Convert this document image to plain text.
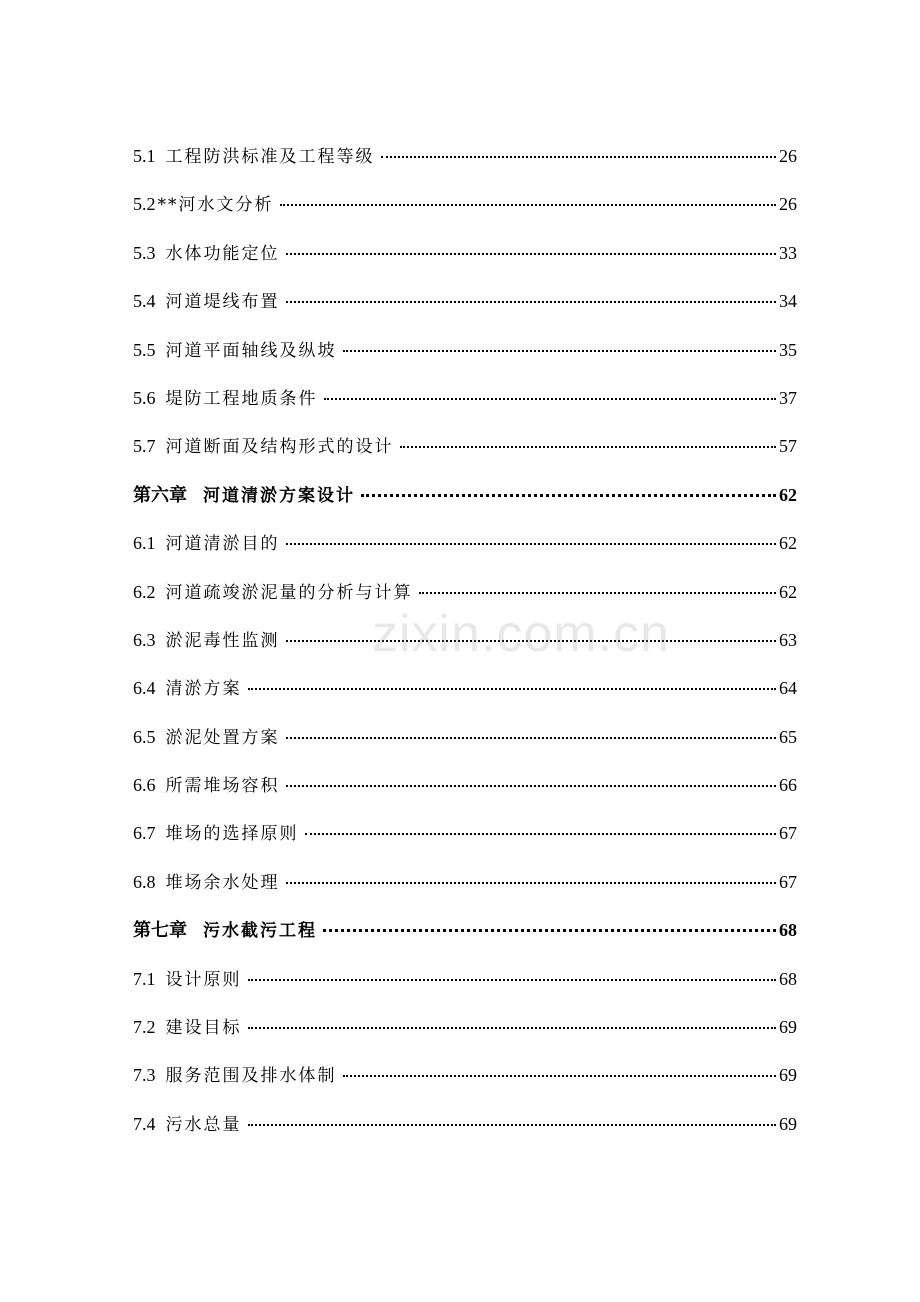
5.1 工程防洪标准及工程等级	26
5.2 **河水文分析	26
5.3 水体功能定位	33
5.4 河道堤线布置	34
5.5 河道平面轴线及纵坡	35
5.6 堤防工程地质条件	37
5.7 河道断面及结构形式的设计	57
第六章 河道清淤方案设计	62
6.1 河道清淤目的	62
6.2 河道疏竣淤泥量的分析与计算	62
6.3 淤泥毒性监测	63
6.4 清淤方案	64
6.5 淤泥处置方案	65
6.6 所需堆场容积	66
6.7 堆场的选择原则	67
6.8 堆场余水处理	67
第七章 污水截污工程	68
7.1 设计原则	68
7.2 建设目标	69
7.3 服务范围及排水体制	69
7.4 污水总量	69
zixin.com.cn
